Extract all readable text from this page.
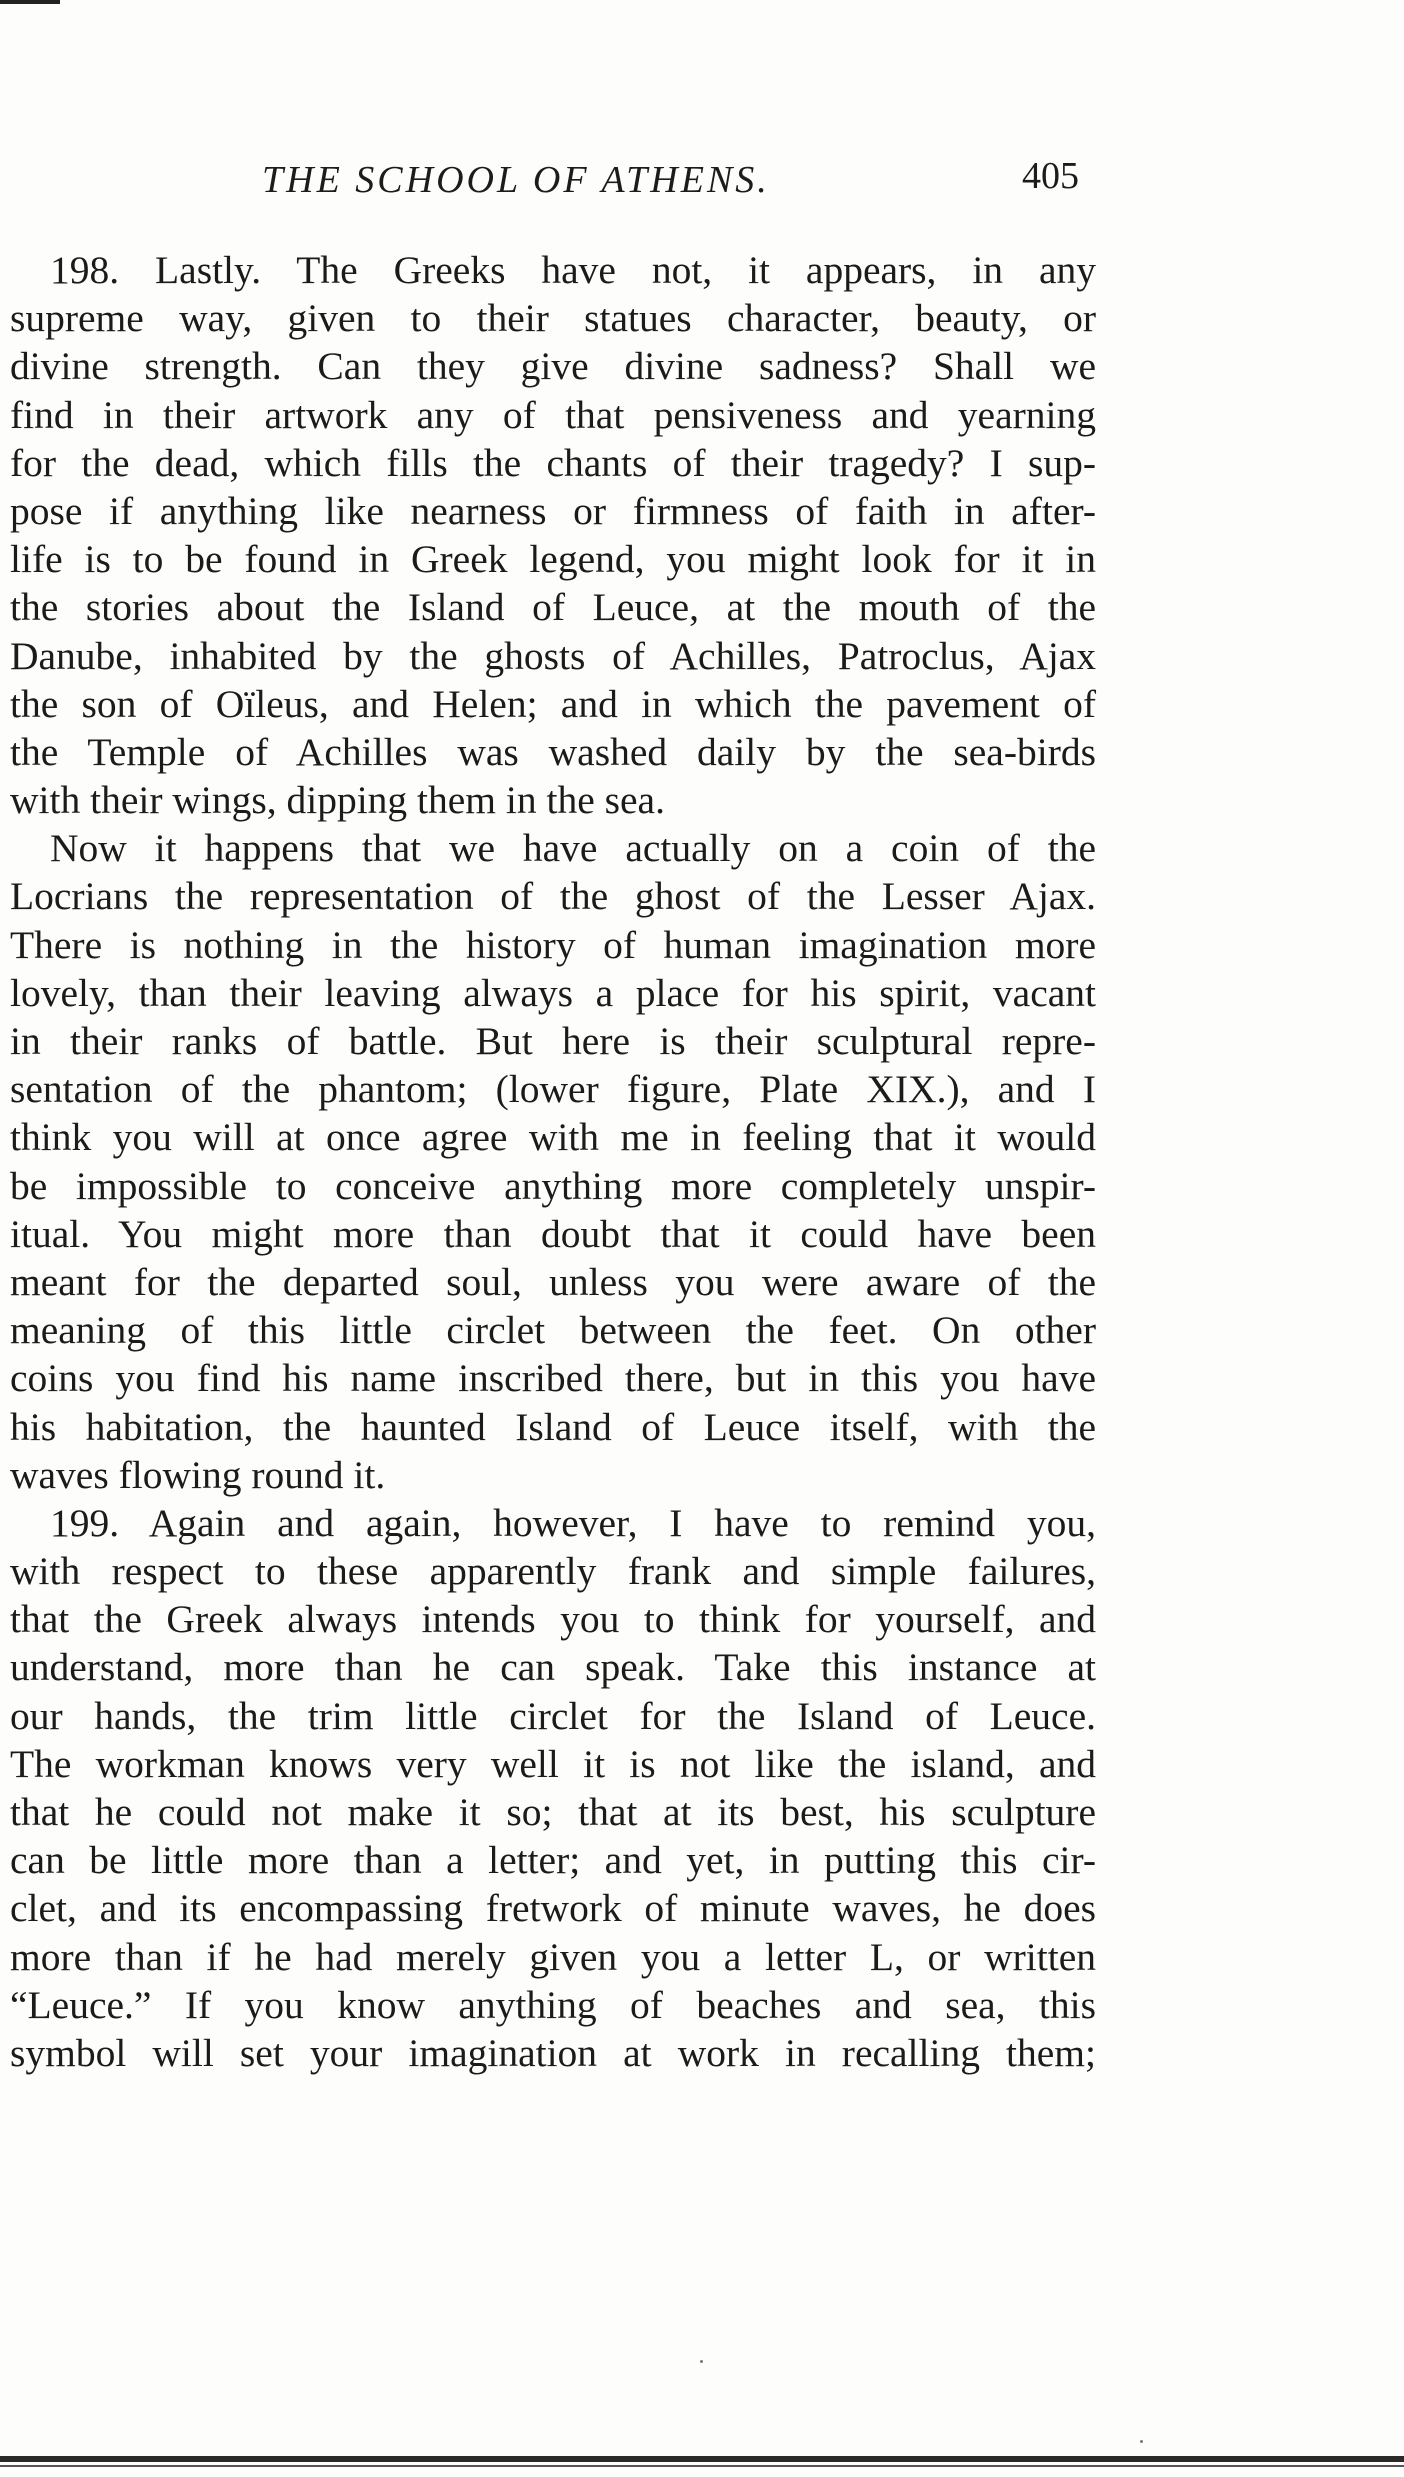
THE SCHOOL OF ATHENS.	405
198. Lastly. The Greeks have not, it appears, in any
supreme way, given to their statues character, beauty, or
divine strength. Can they give divine sadness? Shall we
find in their artwork any of that pensiveness and yearning
for the dead, which fills the chants of their tragedy? I sup-
pose if anything like nearness or firmness of faith in after-
life is to be found in Greek legend, you might look for it in
the stories about the Island of Leuce, at the mouth of the
Danube, inhabited by the ghosts of Achilles, Patroclus, Ajax
the son of Oïleus, and Helen; and in which the pavement of
the Temple of Achilles was washed daily by the sea-birds
with their wings, dipping them in the sea.
Now it happens that we have actually on a coin of the
Locrians the representation of the ghost of the Lesser Ajax.
There is nothing in the history of human imagination more
lovely, than their leaving always a place for his spirit, vacant
in their ranks of battle. But here is their sculptural repre-
sentation of the phantom; (lower figure, Plate XIX.), and I
think you will at once agree with me in feeling that it would
be impossible to conceive anything more completely unspir-
itual. You might more than doubt that it could have been
meant for the departed soul, unless you were aware of the
meaning of this little circlet between the feet. On other
coins you find his name inscribed there, but in this you have
his habitation, the haunted Island of Leuce itself, with the
waves flowing round it.
199. Again and again, however, I have to remind you,
with respect to these apparently frank and simple failures,
that the Greek always intends you to think for yourself, and
understand, more than he can speak. Take this instance at
our hands, the trim little circlet for the Island of Leuce.
The workman knows very well it is not like the island, and
that he could not make it so; that at its best, his sculpture
can be little more than a letter; and yet, in putting this cir-
clet, and its encompassing fretwork of minute waves, he does
more than if he had merely given you a letter L, or written
“Leuce.” If you know anything of beaches and sea, this
symbol will set your imagination at work in recalling them;
